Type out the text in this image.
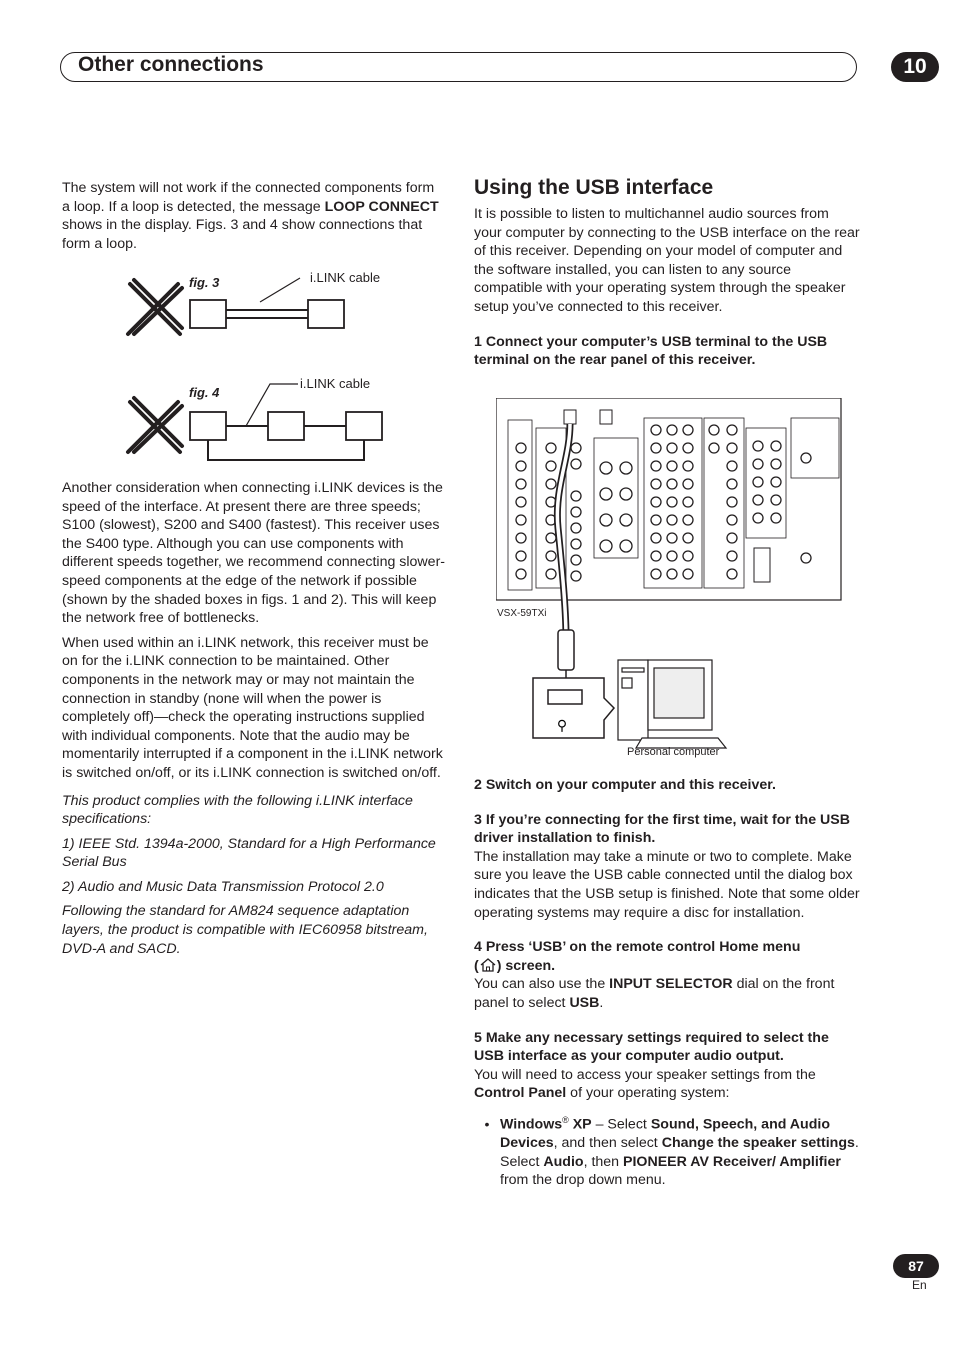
Other connections	10

The system will not work if the connected components form a loop. If a loop is detected, the message LOOP CONNECT shows in the display. Figs. 3 and 4 show connections that form a loop.

fig. 3	i.LINK cable
fig. 4
i.LINK cable

Another consideration when connecting i.LINK devices is the speed of the interface. At present there are three speeds; S100 (slowest), S200 and S400 (fastest). This receiver uses the S400 type. Although you can use components with different speeds together, we recommend connecting slower-speed components at the edge of the network if possible (shown by the shaded boxes in figs. 1 and 2). This will keep the network free of bottlenecks.

When used within an i.LINK network, this receiver must be on for the i.LINK connection to be maintained. Other components in the network may or may not maintain the connection in standby (none will when the power is completely off)—check the operating instructions supplied with individual components. Note that the audio may be momentarily interrupted if a component in the i.LINK network is switched on/off, or its i.LINK connection is switched on/off.

This product complies with the following i.LINK interface specifications:

1) IEEE Std. 1394a-2000, Standard for a High Performance Serial Bus

2) Audio and Music Data Transmission Protocol 2.0

Following the standard for AM824 sequence adaptation layers, the product is compatible with IEC60958 bitstream, DVD-A and SACD.

Using the USB interface

It is possible to listen to multichannel audio sources from your computer by connecting to the USB interface on the rear of this receiver. Depending on your model of computer and the software installed, you can listen to any source compatible with your operating system through the speaker setup you’ve connected to this receiver.

1 Connect your computer’s USB terminal to the USB terminal on the rear panel of this receiver.

⚲
VSX-59TXi
Personal computer

2 Switch on your computer and this receiver.

3 If you’re connecting for the first time, wait for the USB driver installation to finish.

The installation may take a minute or two to complete. Make sure you leave the USB cable connected until the dialog box indicates that the USB setup is finished. Note that some older operating systems may require a disc for installation.

4 Press ‘USB’ on the remote control Home menu
( ) screen.

You can also use the INPUT SELECTOR dial on the front panel to select USB.

5 Make any necessary settings required to select the USB interface as your computer audio output.

You will need to access your speaker settings from the Control Panel of your operating system:

• Windows® XP – Select Sound, Speech, and Audio Devices, and then select Change the speaker settings. Select Audio, then PIONEER AV Receiver/ Amplifier from the drop down menu.

87
En
